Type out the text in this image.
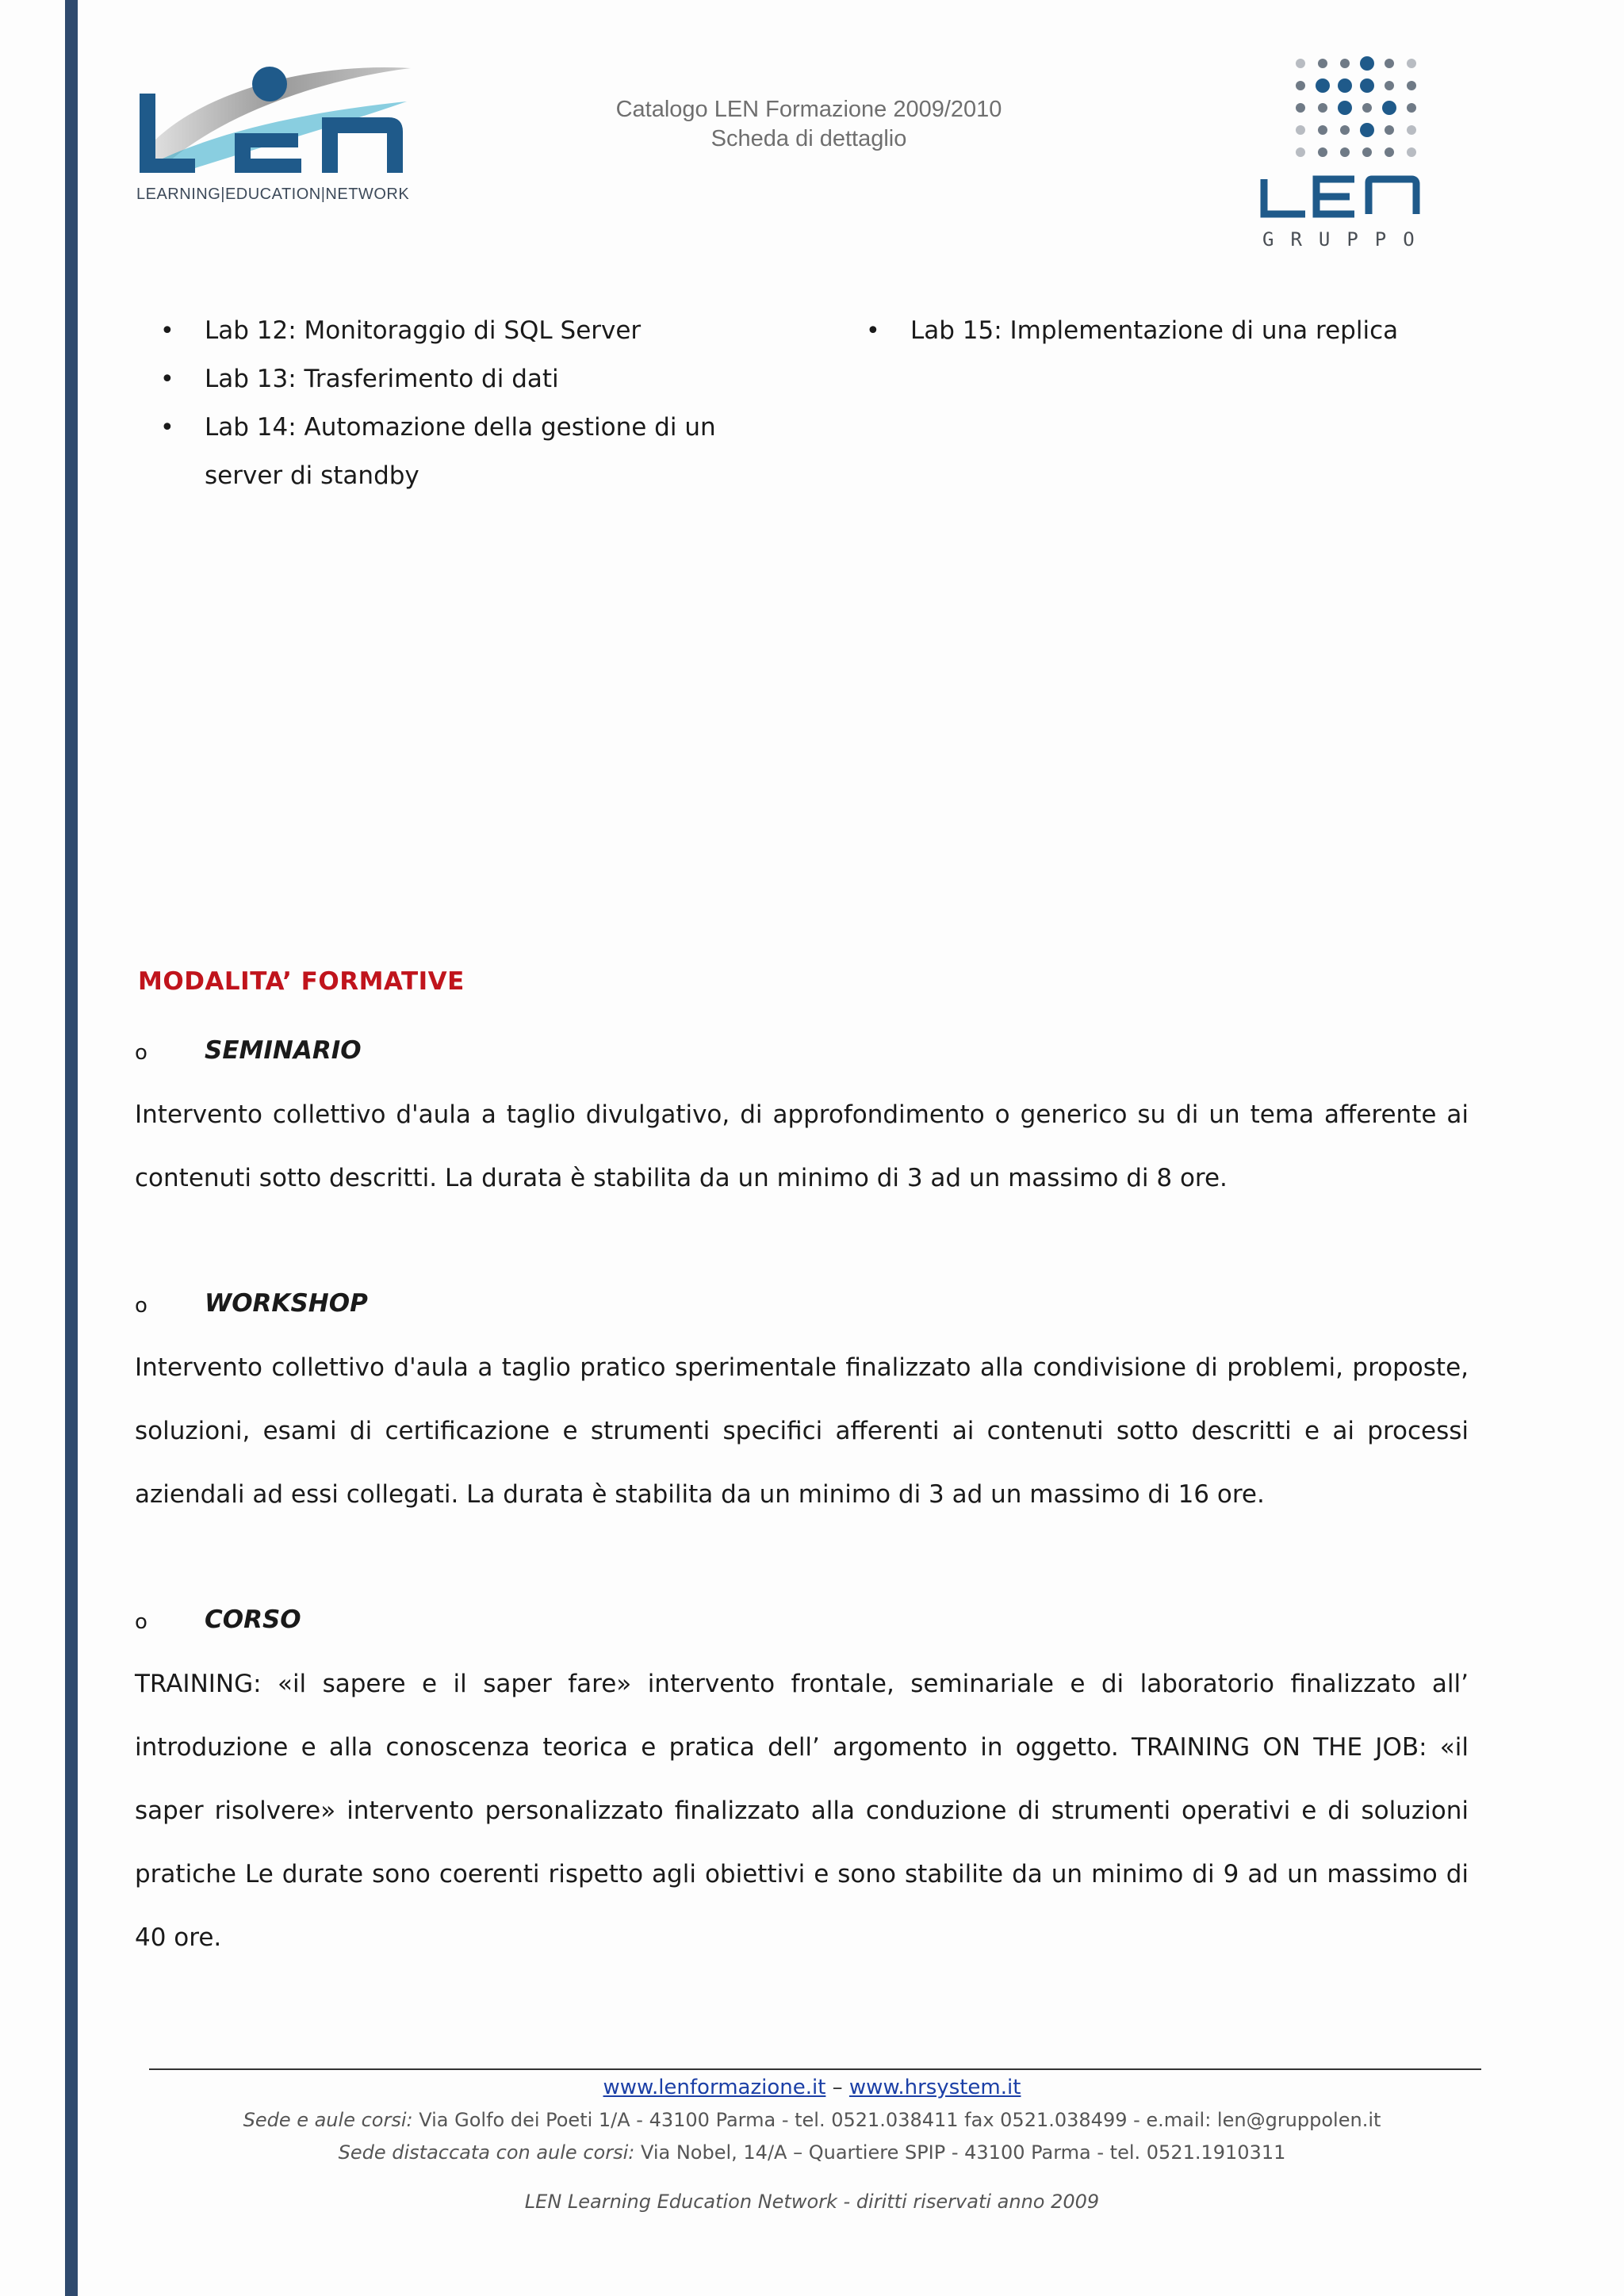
LEARNING|EDUCATION|NETWORK
Catalogo LEN Formazione 2009/2010
Scheda di dettaglio
GRUPPO
• Lab 12: Monitoraggio di SQL Server
• Lab 13: Trasferimento di dati
• Lab 14: Automazione della gestione di un server di standby
• Lab 15: Implementazione di una replica
MODALITA’ FORMATIVE
o SEMINARIO
Intervento collettivo d'aula a taglio divulgativo, di approfondimento o generico su di un tema afferente ai contenuti sotto descritti. La durata è stabilita da un minimo di 3 ad un massimo di 8 ore.
o WORKSHOP
Intervento collettivo d'aula a taglio pratico sperimentale finalizzato alla condivisione di problemi, proposte, soluzioni, esami di certificazione e strumenti specifici afferenti ai contenuti sotto descritti e ai processi aziendali ad essi collegati. La durata è stabilita da un minimo di 3 ad un massimo di 16 ore.
o CORSO
TRAINING: «il sapere e il saper fare» intervento frontale, seminariale e di laboratorio finalizzato all’ introduzione e alla conoscenza teorica e pratica dell’ argomento in oggetto. TRAINING ON THE JOB: «il saper risolvere» intervento personalizzato finalizzato alla conduzione di strumenti operativi e di soluzioni pratiche Le durate sono coerenti rispetto agli obiettivi e sono stabilite da un minimo di 9 ad un massimo di 40 ore.
www.lenformazione.it – www.hrsystem.it
Sede e aule corsi: Via Golfo dei Poeti 1/A - 43100 Parma - tel. 0521.038411 fax 0521.038499 - e.mail: len@gruppolen.it
Sede distaccata con aule corsi: Via Nobel, 14/A – Quartiere SPIP - 43100 Parma - tel. 0521.1910311
LEN Learning Education Network - diritti riservati anno 2009
